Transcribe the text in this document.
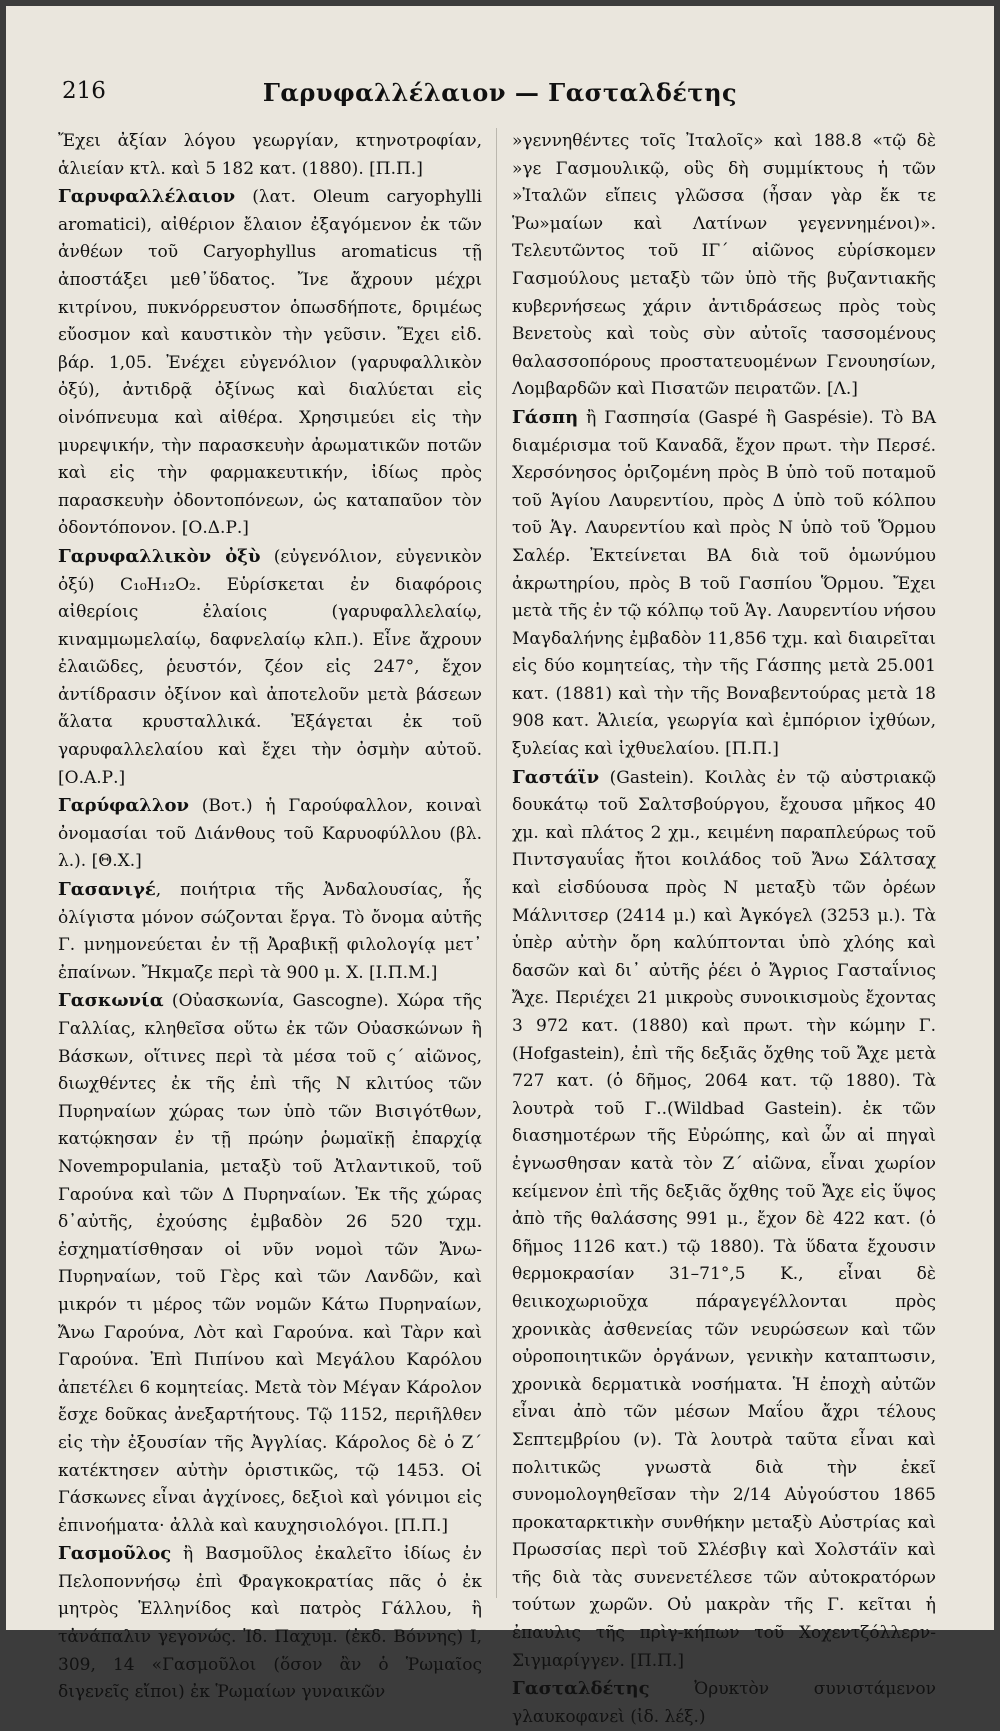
216	Γαρυφαλλέλαιον — Γασταλδέτης

Ἔχει ἀξίαν λόγου γεωργίαν, κτηνοτροφίαν, ἁλιείαν κτλ. καὶ 5 182 κατ. (1880). [Π.Π.]

Γαρυφαλλέλαιον (λατ. Oleum caryophylli aromatici), αἰθέριον ἔλαιον ἐξαγόμενον ἐκ τῶν ἀνθέων τοῦ Caryophyllus aromaticus τῇ ἀποστάξει μεθ᾽ὕδατος. Ἴνε ἄχρουν μέχρι κιτρίνου, πυκνόρρευστον ὁπωσδήποτε, δριμέως εὔοσμον καὶ καυστικὸν τὴν γεῦσιν. Ἔχει εἰδ. βάρ. 1,05. Ἐνέχει εὐγενόλιον (γαρυφαλλικὸν ὀξύ), ἀντιδρᾷ ὀξίνως καὶ διαλύεται εἰς οἰνόπνευμα καὶ αἰθέρα. Χρησιμεύει εἰς τὴν μυρεψικήν, τὴν παρασκευὴν ἀρωματικῶν ποτῶν καὶ εἰς τὴν φαρμακευτικήν, ἰδίως πρὸς παρασκευὴν ὀδοντοπόνεων, ὡς καταπαῦον τὸν ὀδοντόπονον. [Ο.Δ.Ρ.]

Γαρυφαλλικὸν ὀξὺ (εὐγενόλιον, εὐγενικὸν ὀξύ) C₁₀H₁₂O₂. Εὑρίσκεται ἐν διαφόροις αἰθερίοις ἐλαίοις (γαρυφαλλελαίῳ, κιναμμωμελαίῳ, δαφνελαίῳ κλπ.). Εἶνε ἄχρουν ἐλαιῶδες, ῥευστόν, ζέον εἰς 247°, ἔχον ἀντίδρασιν ὀξίνον καὶ ἀποτελοῦν μετὰ βάσεων ἅλατα κρυσταλλικά. Ἐξάγεται ἐκ τοῦ γαρυφαλλελαίου καὶ ἔχει τὴν ὀσμὴν αὐτοῦ. [Ο.Α.Ρ.]

Γαρύφαλλον (Βοτ.) ἡ Γαρούφαλλον, κοιναὶ ὀνομασίαι τοῦ Διάνθους τοῦ Καρυοφύλλου (βλ. λ.). [Θ.Χ.]

Γασανιγέ, ποιήτρια τῆς Ἀνδαλουσίας, ἧς ὀλίγιστα μόνον σώζονται ἔργα. Τὸ ὄνομα αὐτῆς Γ. μνημονεύεται ἐν τῇ Ἀραβικῇ φιλολογίᾳ μετ᾽ ἐπαίνων. Ἤκμαζε περὶ τὰ 900 μ. Χ. [Ι.Π.Μ.]

Γασκωνία (Οὐασκωνία, Gascogne). Χώρα τῆς Γαλλίας, κληθεῖσα οὕτω ἐκ τῶν Οὐασκώνων ἢ Βάσκων, οἵτινες περὶ τὰ μέσα τοῦ ς´ αἰῶνος, διωχθέντες ἐκ τῆς ἐπὶ τῆς Ν κλιτύος τῶν Πυρηναίων χώρας των ὑπὸ τῶν Βισιγότθων, κατῴκησαν ἐν τῇ πρώην ῥωμαϊκῇ ἐπαρχίᾳ Novempopulania, μεταξὺ τοῦ Ἀτλαντικοῦ, τοῦ Γαρούνα καὶ τῶν Δ Πυρηναίων. Ἐκ τῆς χώρας δ᾽αὐτῆς, ἐχούσης ἐμβαδὸν 26 520 τχμ. ἐσχηματίσθησαν οἱ νῦν νομοὶ τῶν Ἄνω-Πυρηναίων, τοῦ Γὲρς καὶ τῶν Λανδῶν, καὶ μικρόν τι μέρος τῶν νομῶν Κάτω Πυρηναίων, Ἄνω Γαρούνα, Λὸτ καὶ Γαρούνα. καὶ Τὰρν καὶ Γαρούνα. Ἐπὶ Πιπίνου καὶ Μεγάλου Καρόλου ἀπετέλει 6 κομητείας. Μετὰ τὸν Μέγαν Κάρολον ἔσχε δοῦκας ἀνεξαρτήτους. Τῷ 1152, περιῆλθεν εἰς τὴν ἐξουσίαν τῆς Ἀγγλίας. Κάρολος δὲ ὁ Ζ´ κατέκτησεν αὐτὴν ὁριστικῶς, τῷ 1453. Οἱ Γάσκωνες εἶναι ἀγχίνοες, δεξιοὶ καὶ γόνιμοι εἰς ἐπινοήματα· ἀλλὰ καὶ καυχησιολόγοι. [Π.Π.]

Γασμοῦλος ἢ Βασμοῦλος ἐκαλεῖτο ἰδίως ἐν Πελοποννήσῳ ἐπὶ Φραγκοκρατίας πᾶς ὁ ἐκ μητρὸς Ἑλληνίδος καὶ πατρὸς Γάλλου, ἢ τἀνάπαλιν γεγονώς. Ἰδ. Παχυμ. (ἐκδ. Βόννης) I, 309, 14 «Γασμοῦλοι (ὅσον ἂν ὁ Ῥωμαῖος διγενεῖς εἴποι) ἐκ Ῥωμαίων γυναικῶν

»γεννηθέντες τοῖς Ἰταλοῖς» καὶ 188.8 «τῷ δὲ »γε Γασμουλικῷ, οὓς δὴ συμμίκτους ἡ τῶν »Ἰταλῶν εἴπεις γλῶσσα (ἦσαν γὰρ ἔκ τε Ῥω»μαίων καὶ Λατίνων γεγεννημένοι)». Τελευτῶντος τοῦ ΙΓ´ αἰῶνος εὑρίσκομεν Γασμούλους μεταξὺ τῶν ὑπὸ τῆς βυζαντιακῆς κυβερνήσεως χάριν ἀντιδράσεως πρὸς τοὺς Βενετοὺς καὶ τοὺς σὺν αὐτοῖς τασσομένους θαλασσοπόρους προστατευομένων Γενουησίων, Λομβαρδῶν καὶ Πισατῶν πειρατῶν. [Λ.]

Γάσπη ἢ Γασπησία (Gaspé ἢ Gaspésie). Τὸ ΒΑ διαμέρισμα τοῦ Καναδᾶ, ἔχον πρωτ. τὴν Περσέ. Χερσόνησος ὁριζομένη πρὸς Β ὑπὸ τοῦ ποταμοῦ τοῦ Ἁγίου Λαυρεντίου, πρὸς Δ ὑπὸ τοῦ κόλπου τοῦ Ἁγ. Λαυρεντίου καὶ πρὸς Ν ὑπὸ τοῦ Ὅρμου Σαλέρ. Ἐκτείνεται ΒΑ διὰ τοῦ ὁμωνύμου ἀκρωτηρίου, πρὸς Β τοῦ Γασπίου Ὅρμου. Ἔχει μετὰ τῆς ἐν τῷ κόλπῳ τοῦ Ἁγ. Λαυρεντίου νήσου Μαγδαλήνης ἐμβαδὸν 11,856 τχμ. καὶ διαιρεῖται εἰς δύο κομητείας, τὴν τῆς Γάσπης μετὰ 25.001 κατ. (1881) καὶ τὴν τῆς Βοναβεντούρας μετὰ 18 908 κατ. Ἁλιεία, γεωργία καὶ ἐμπόριον ἰχθύων, ξυλείας καὶ ἰχθυελαίου. [Π.Π.]

Γαστάϊν (Gastein). Κοιλὰς ἐν τῷ αὐστριακῷ δουκάτῳ τοῦ Σαλτσβούργου, ἔχουσα μῆκος 40 χμ. καὶ πλάτος 2 χμ., κειμένη παραπλεύρως τοῦ Πιντσγαυΐας ἤτοι κοιλάδος τοῦ Ἄνω Σάλτσαχ καὶ εἰσδύουσα πρὸς Ν μεταξὺ τῶν ὀρέων Μάλνιτσερ (2414 μ.) καὶ Ἀγκόγελ (3253 μ.). Τὰ ὑπὲρ αὐτὴν ὄρη καλύπτονται ὑπὸ χλόης καὶ δασῶν καὶ δι᾽ αὐτῆς ῥέει ὁ Ἄγριος Γασταΐνιος Ἄχε. Περιέχει 21 μικροὺς συνοικισμοὺς ἔχοντας 3 972 κατ. (1880) καὶ πρωτ. τὴν κώμην Γ. (Hofgastein), ἐπὶ τῆς δεξιᾶς ὄχθης τοῦ Ἄχε μετὰ 727 κατ. (ὁ δῆμος, 2064 κατ. τῷ 1880). Τὰ λουτρὰ τοῦ Γ..(Wildbad Gastein). ἐκ τῶν διασημοτέρων τῆς Εὐρώπης, καὶ ὧν αἱ πηγαὶ ἐγνωσθησαν κατὰ τὸν Ζ´ αἰῶνα, εἶναι χωρίον κείμενον ἐπὶ τῆς δεξιᾶς ὄχθης τοῦ Ἄχε εἰς ὕψος ἀπὸ τῆς θαλάσσης 991 μ., ἔχον δὲ 422 κατ. (ὁ δῆμος 1126 κατ.) τῷ 1880). Τὰ ὕδατα ἔχουσιν θερμοκρασίαν 31–71°,5 Κ., εἶναι δὲ θειικοχωριοῦχα πάραγεγέλλονται πρὸς χρονικὰς ἀσθενείας τῶν νευρώσεων καὶ τῶν οὐροποιητικῶν ὀργάνων, γενικὴν καταπτωσιν, χρονικὰ δερματικὰ νοσήματα. Ἡ ἐποχὴ αὐτῶν εἶναι ἀπὸ τῶν μέσων Μαΐου ἄχρι τέλους Σεπτεμβρίου (ν). Τὰ λουτρὰ ταῦτα εἶναι καὶ πολιτικῶς γνωστὰ διὰ τὴν ἐκεῖ συνομολογηθεῖσαν τὴν 2/14 Αὐγούστου 1865 προκαταρκτικὴν συνθήκην μεταξὺ Αὐστρίας καὶ Πρωσσίας περὶ τοῦ Σλέσβιγ καὶ Χολστάϊν καὶ τῆς διὰ τὰς συνενετέλεσε τῶν αὐτοκρατόρων τούτων χωρῶν. Οὐ μακρὰν τῆς Γ. κεῖται ἡ ἐπαυλις τῆς πρὶγ-κήπων τοῦ Χοχεντζόλλερν-Σιγμαρίγγεν. [Π.Π.]

Γασταλδέτης Ὀρυκτὸν συνιστάμενον γλαυκοφανεὶ (ἰδ. λέξ.)
